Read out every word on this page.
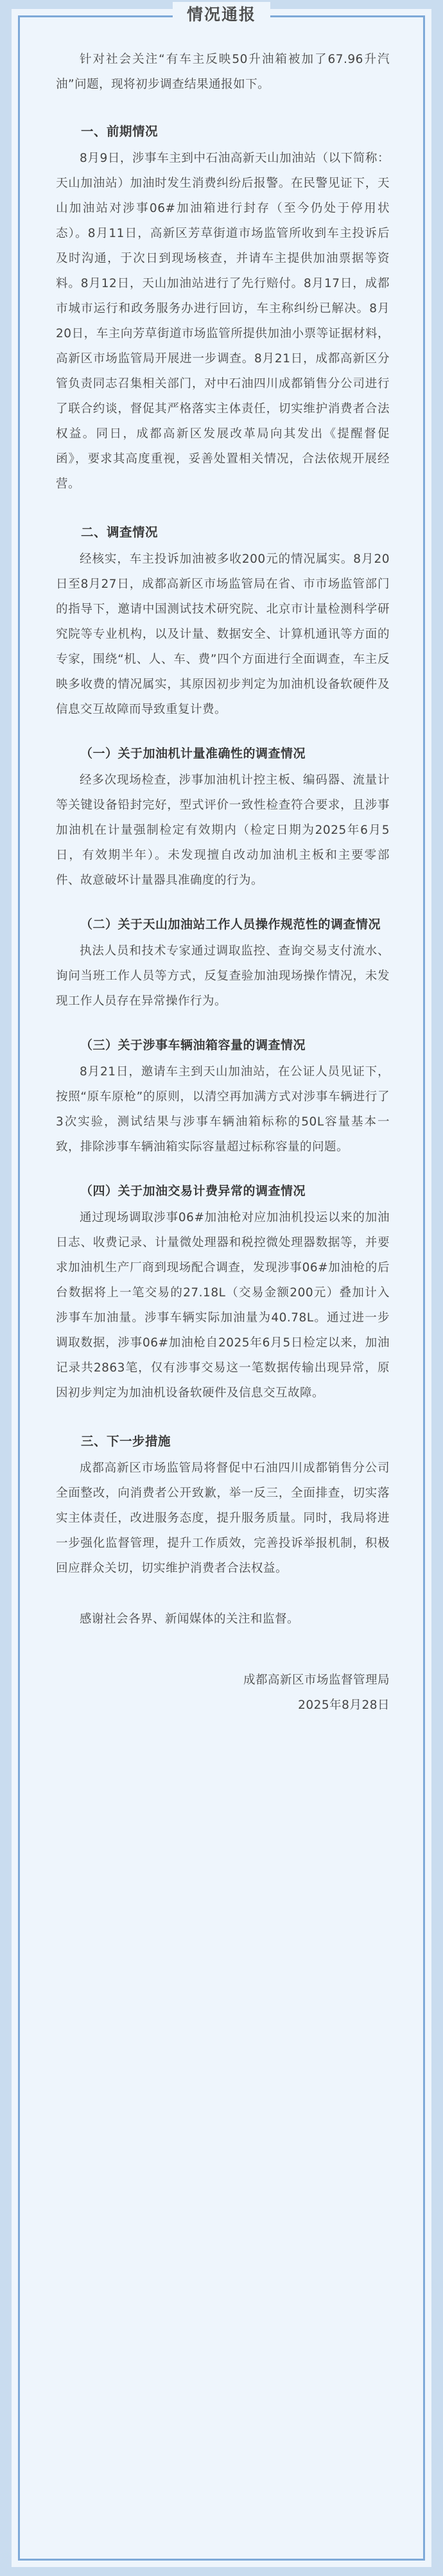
情况通报

针对社会关注“有车主反映50升油箱被加了67.96升汽油”问题，现将初步调查结果通报如下。

一、前期情况

8月9日，涉事车主到中石油高新天山加油站（以下简称：天山加油站）加油时发生消费纠纷后报警。在民警见证下，天山加油站对涉事06#加油箱进行封存（至今仍处于停用状态）。8月11日，高新区芳草街道市场监管所收到车主投诉后及时沟通，于次日到现场核查，并请车主提供加油票据等资料。8月12日，天山加油站进行了先行赔付。8月17日，成都市城市运行和政务服务办进行回访，车主称纠纷已解决。8月20日，车主向芳草街道市场监管所提供加油小票等证据材料，高新区市场监管局开展进一步调查。8月21日，成都高新区分管负责同志召集相关部门，对中石油四川成都销售分公司进行了联合约谈，督促其严格落实主体责任，切实维护消费者合法权益。同日，成都高新区发展改革局向其发出《提醒督促函》，要求其高度重视，妥善处置相关情况，合法依规开展经营。

二、调查情况

经核实，车主投诉加油被多收200元的情况属实。8月20日至8月27日，成都高新区市场监管局在省、市市场监管部门的指导下，邀请中国测试技术研究院、北京市计量检测科学研究院等专业机构，以及计量、数据安全、计算机通讯等方面的专家，围绕“机、人、车、费”四个方面进行全面调查，车主反映多收费的情况属实，其原因初步判定为加油机设备软硬件及信息交互故障而导致重复计费。

（一）关于加油机计量准确性的调查情况

经多次现场检查，涉事加油机计控主板、编码器、流量计等关键设备铅封完好，型式评价一致性检查符合要求，且涉事加油机在计量强制检定有效期内（检定日期为2025年6月5日，有效期半年）。未发现擅自改动加油机主板和主要零部件、故意破坏计量器具准确度的行为。

（二）关于天山加油站工作人员操作规范性的调查情况

执法人员和技术专家通过调取监控、查询交易支付流水、询问当班工作人员等方式，反复查验加油现场操作情况，未发现工作人员存在异常操作行为。

（三）关于涉事车辆油箱容量的调查情况

8月21日，邀请车主到天山加油站，在公证人员见证下，按照“原车原枪”的原则，以清空再加满方式对涉事车辆进行了3次实验，测试结果与涉事车辆油箱标称的50L容量基本一致，排除涉事车辆油箱实际容量超过标称容量的问题。

（四）关于加油交易计费异常的调查情况

通过现场调取涉事06#加油枪对应加油机投运以来的加油日志、收费记录、计量微处理器和税控微处理器数据等，并要求加油机生产厂商到现场配合调查，发现涉事06#加油枪的后台数据将上一笔交易的27.18L（交易金额200元）叠加计入涉事车加油量。涉事车辆实际加油量为40.78L。通过进一步调取数据，涉事06#加油枪自2025年6月5日检定以来，加油记录共2863笔，仅有涉事交易这一笔数据传输出现异常，原因初步判定为加油机设备软硬件及信息交互故障。

三、下一步措施

成都高新区市场监管局将督促中石油四川成都销售分公司全面整改，向消费者公开致歉，举一反三，全面排查，切实落实主体责任，改进服务态度，提升服务质量。同时，我局将进一步强化监督管理，提升工作质效，完善投诉举报机制，积极回应群众关切，切实维护消费者合法权益。

感谢社会各界、新闻媒体的关注和监督。

成都高新区市场监督管理局

2025年8月28日
